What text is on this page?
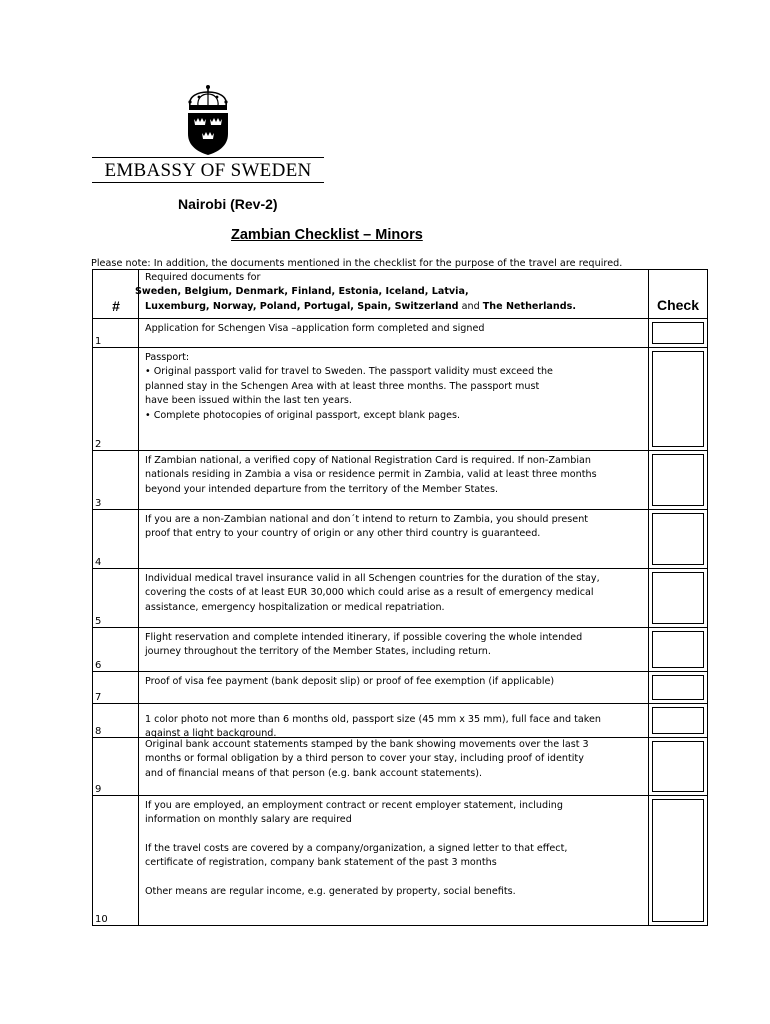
EMBASSY OF SWEDEN
Nairobi (Rev-2)
Zambian Checklist – Minors
Please note: In addition, the documents mentioned in the checklist for the purpose of the travel are required.
#

Required documents for

Sweden, Belgium, Denmark, Finland, Estonia, Iceland, Latvia,

Luxemburg, Norway, Poland, Portugal, Spain, Switzerland and The Netherlands.	Check
1

Application for Schengen Visa –application form completed and signed

2

Passport:

• Original passport valid for travel to Sweden. The passport validity must exceed the

planned stay in the Schengen Area with at least three months. The passport must

have been issued within the last ten years.

• Complete photocopies of original passport, except blank pages.

3

If Zambian national, a verified copy of National Registration Card is required. If non-Zambian

nationals residing in Zambia a visa or residence permit in Zambia, valid at least three months

beyond your intended departure from the territory of the Member States.

4

If you are a non-Zambian national and don´t intend to return to Zambia, you should present

proof that entry to your country of origin or any other third country is guaranteed.

5

Individual medical travel insurance valid in all Schengen countries for the duration of the stay,

covering the costs of at least EUR 30,000 which could arise as a result of emergency medical

assistance, emergency hospitalization or medical repatriation.

6

Flight reservation and complete intended itinerary, if possible covering the whole intended

journey throughout the territory of the Member States, including return.

7

Proof of visa fee payment (bank deposit slip) or proof of fee exemption (if applicable)

8

1 color photo not more than 6 months old, passport size (45 mm x 35 mm), full face and taken

against a light background.

9

Original bank account statements stamped by the bank showing movements over the last 3

months or formal obligation by a third person to cover your stay, including proof of identity

and of financial means of that person (e.g. bank account statements).

10

If you are employed, an employment contract or recent employer statement, including

information on monthly salary are required

If the travel costs are covered by a company/organization, a signed letter to that effect,

certificate of registration, company bank statement of the past 3 months

Other means are regular income, e.g. generated by property, social benefits.
